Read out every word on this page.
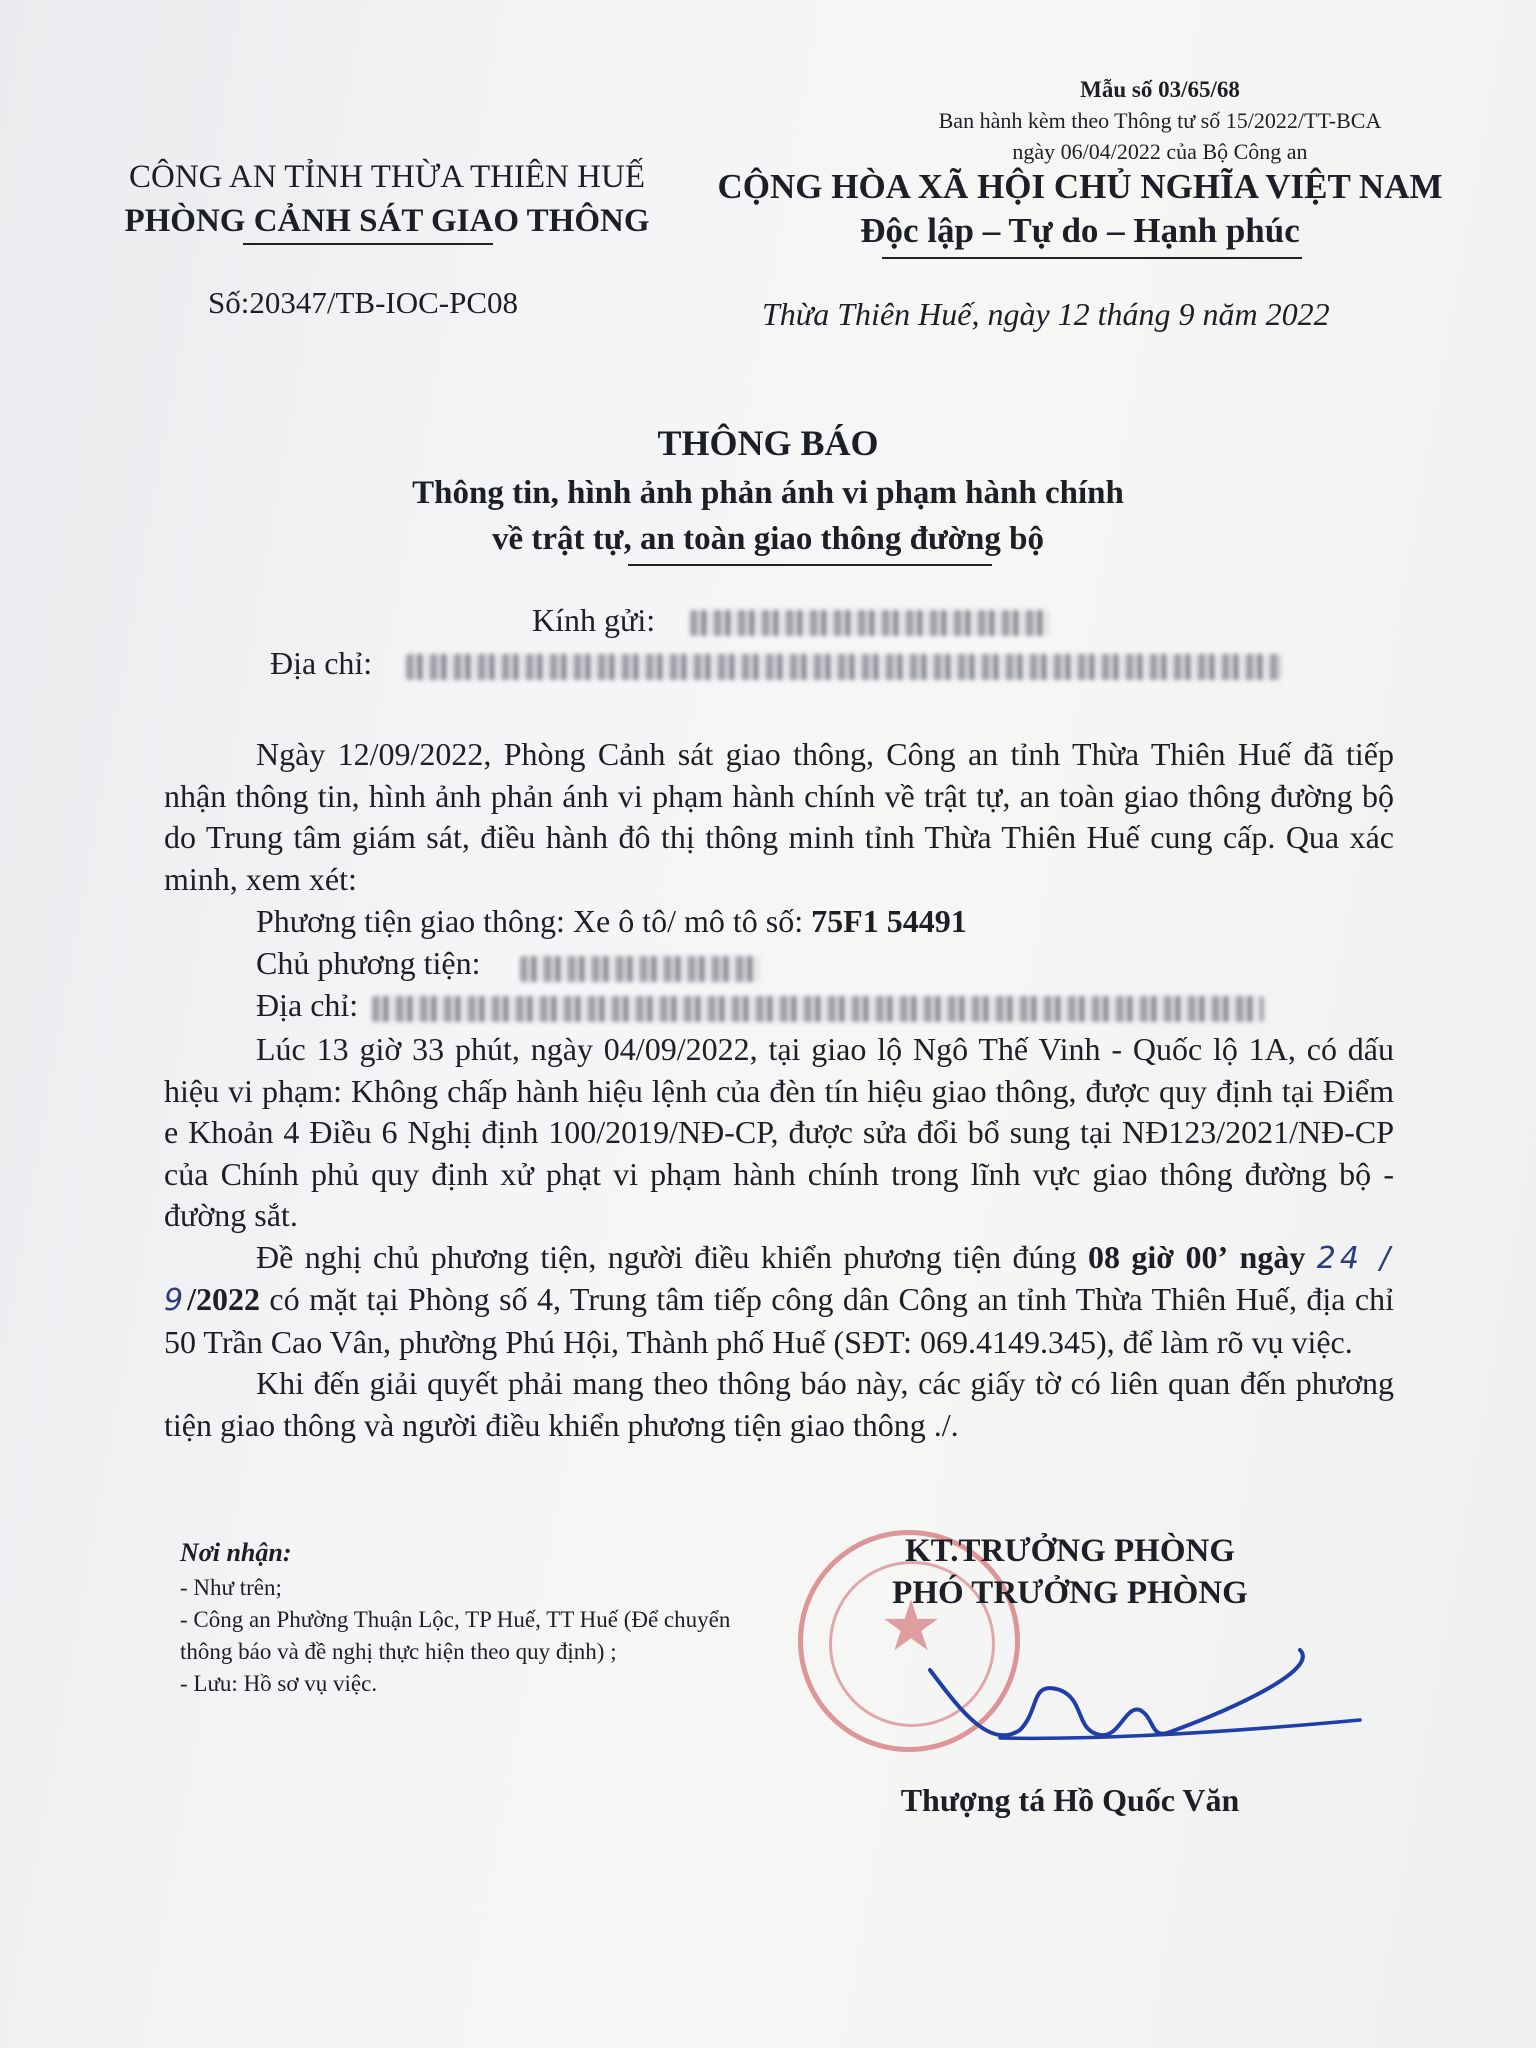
Mẫu số 03/65/68
Ban hành kèm theo Thông tư số 15/2022/TT-BCA
ngày 06/04/2022 của Bộ Công an
CÔNG AN TỈNH THỪA THIÊN HUẾ
PHÒNG CẢNH SÁT GIAO THÔNG
Số:20347/TB-IOC-PC08
CỘNG HÒA XÃ HỘI CHỦ NGHĨA VIỆT NAM
Độc lập – Tự do – Hạnh phúc
Thừa Thiên Huế, ngày 12 tháng 9 năm 2022
THÔNG BÁO
Thông tin, hình ảnh phản ánh vi phạm hành chính
về trật tự, an toàn giao thông đường bộ
Kính gửi:
Địa chỉ:

Ngày 12/09/2022, Phòng Cảnh sát giao thông, Công an tỉnh Thừa Thiên Huế đã tiếp nhận thông tin, hình ảnh phản ánh vi phạm hành chính về trật tự, an toàn giao thông đường bộ do Trung tâm giám sát, điều hành đô thị thông minh tỉnh Thừa Thiên Huế cung cấp. Qua xác minh, xem xét:

Phương tiện giao thông: Xe ô tô/ mô tô số: 75F1 54491
Chủ phương tiện:
Địa chỉ:

Lúc 13 giờ 33 phút, ngày 04/09/2022, tại giao lộ Ngô Thế Vinh - Quốc lộ 1A, có dấu hiệu vi phạm: Không chấp hành hiệu lệnh của đèn tín hiệu giao thông, được quy định tại Điểm e Khoản 4 Điều 6 Nghị định 100/2019/NĐ-CP, được sửa đổi bổ sung tại NĐ123/2021/NĐ-CP của Chính phủ quy định xử phạt vi phạm hành chính trong lĩnh vực giao thông đường bộ - đường sắt.

Đề nghị chủ phương tiện, người điều khiển phương tiện đúng 08 giờ 00’ ngày 24 / 9/2022 có mặt tại Phòng số 4, Trung tâm tiếp công dân Công an tỉnh Thừa Thiên Huế, địa chỉ 50 Trần Cao Vân, phường Phú Hội, Thành phố Huế (SĐT: 069.4149.345), để làm rõ vụ việc.

Khi đến giải quyết phải mang theo thông báo này, các giấy tờ có liên quan đến phương tiện giao thông và người điều khiển phương tiện giao thông ./.

Nơi nhận:
- Như trên;
- Công an Phường Thuận Lộc, TP Huế, TT Huế (Để chuyển thông báo và đề nghị thực hiện theo quy định) ;
- Lưu: Hồ sơ vụ việc.
★
KT.TRƯỞNG PHÒNG
PHÓ TRƯỞNG PHÒNG
Thượng tá Hồ Quốc Văn
